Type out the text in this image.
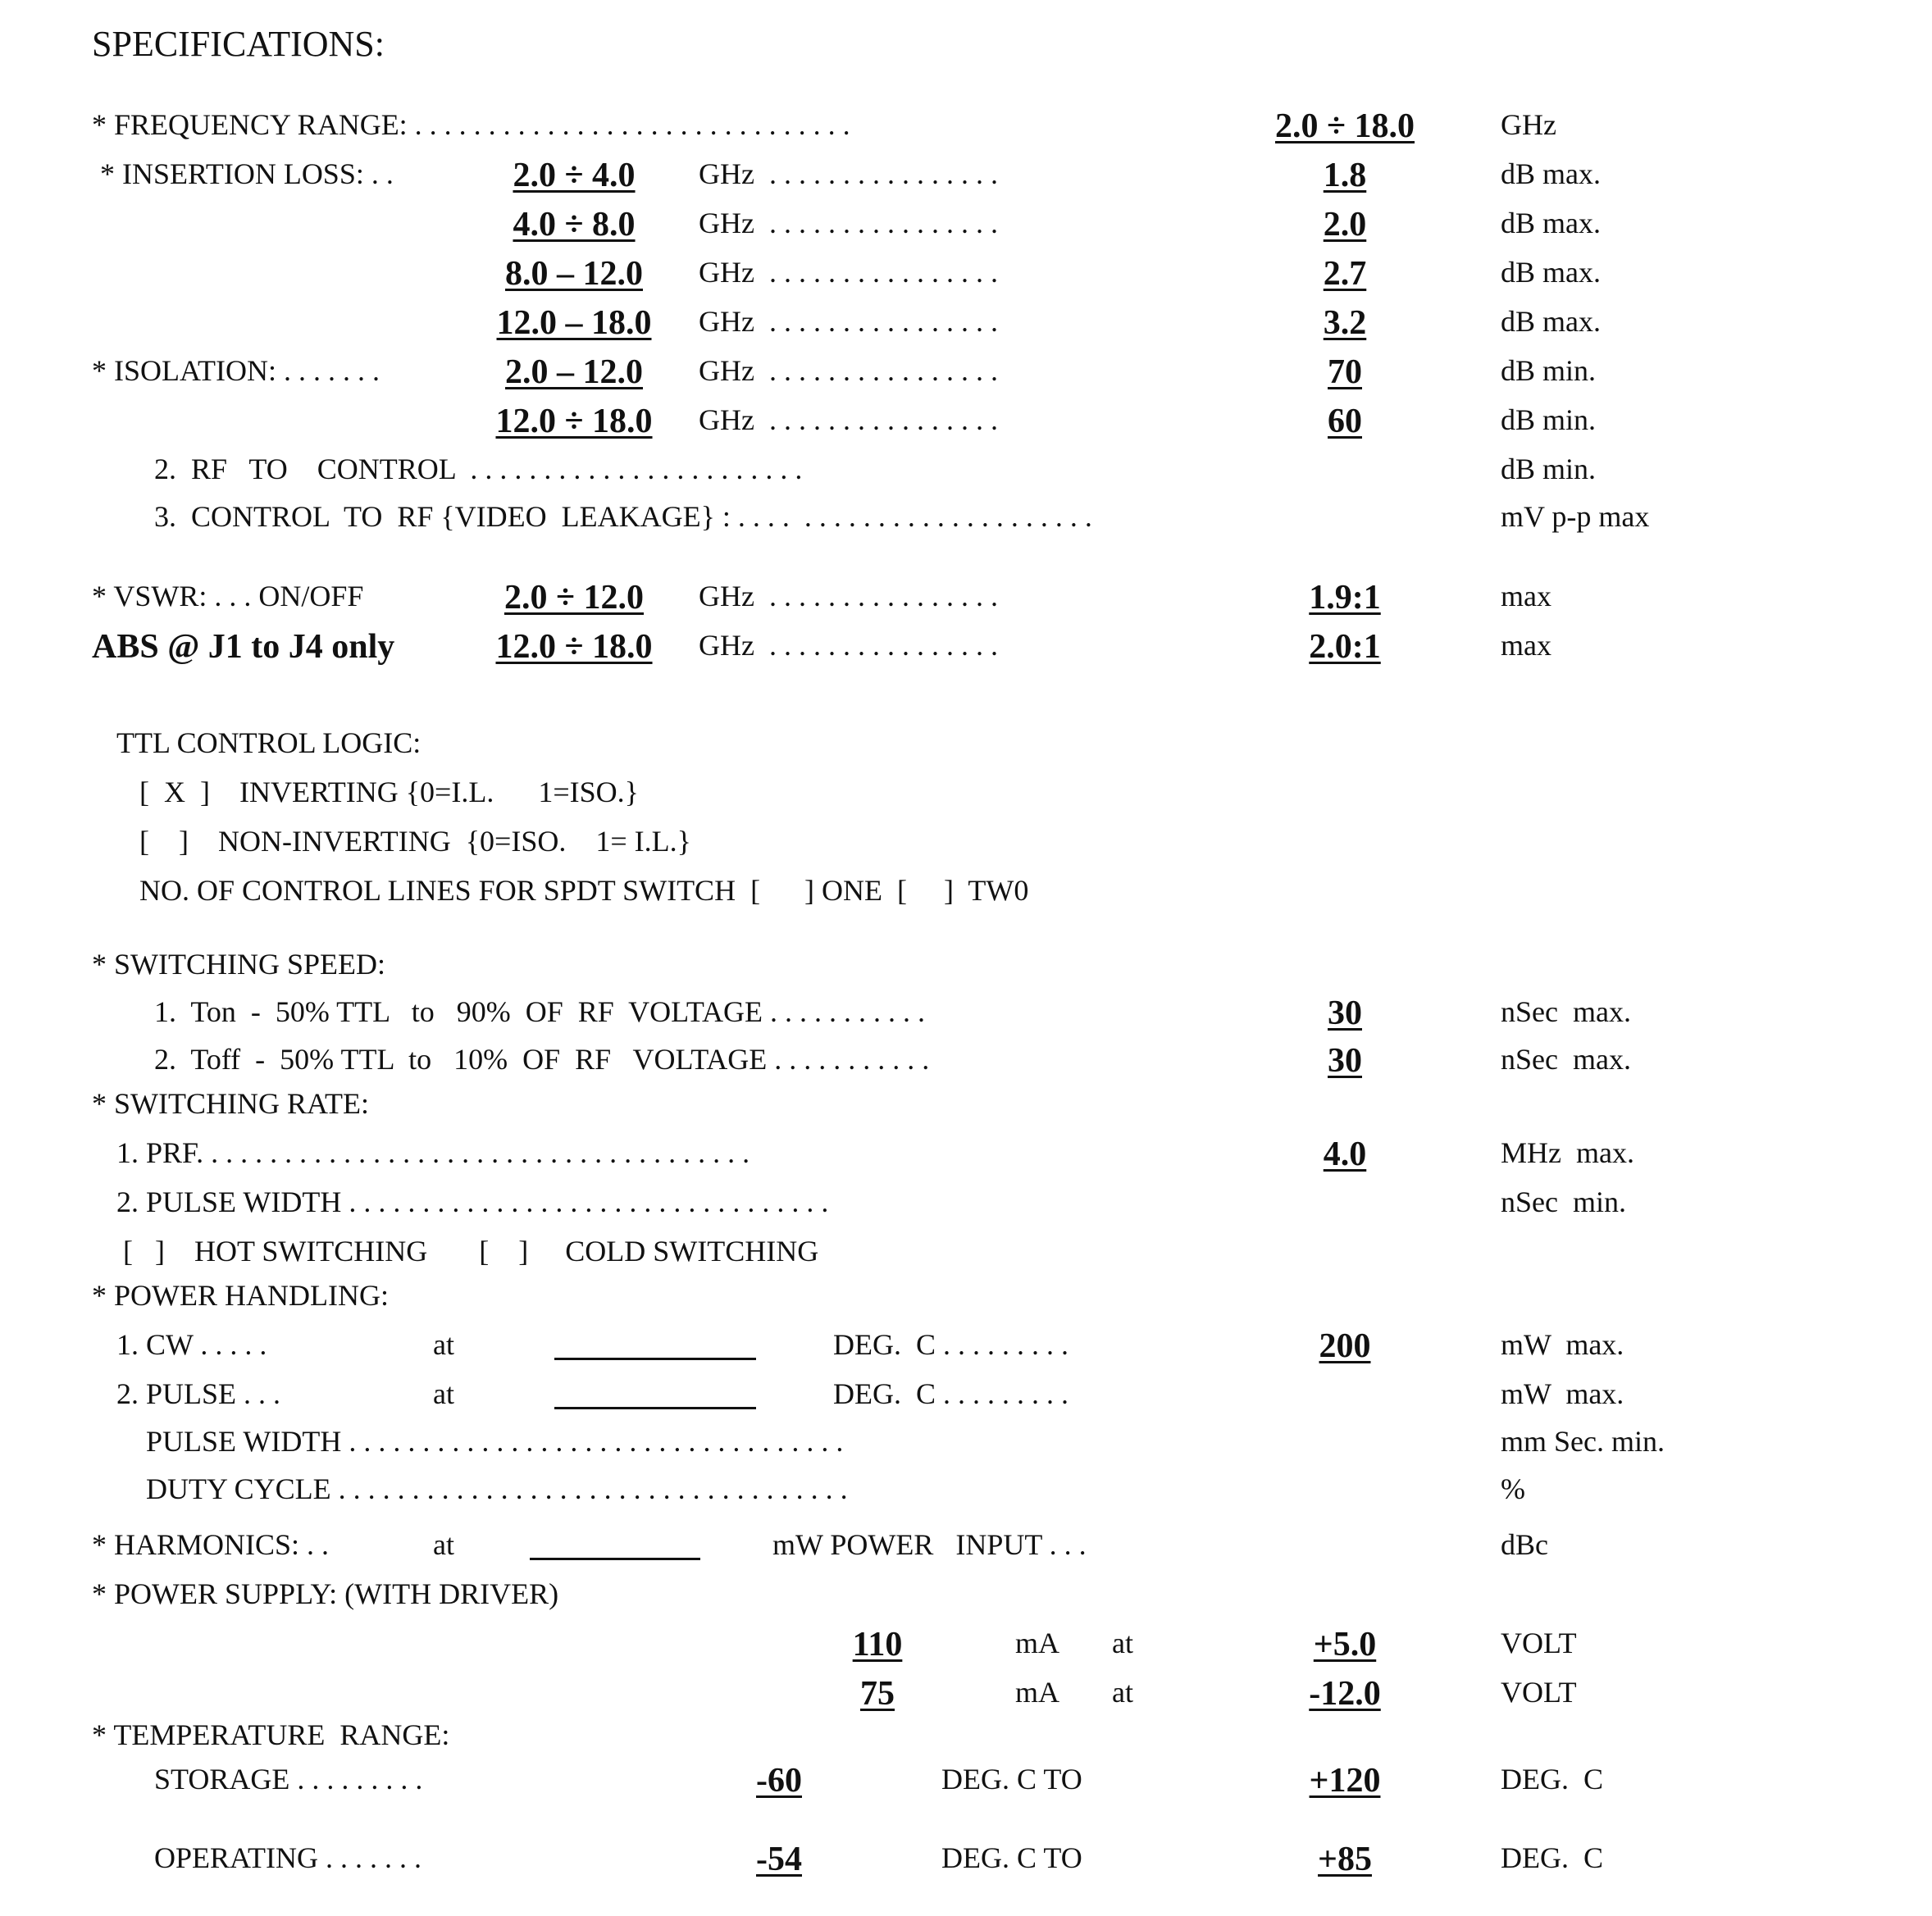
SPECIFICATIONS:
* FREQUENCY RANGE: . . . . . . . . . . . . . . . . . . . . . . . . . . . . . .	2.0 ÷ 18.0	GHz
* INSERTION LOSS: . .	2.0 ÷ 4.0	GHz  . . . . . . . . . . . . . . . .	1.8	dB max.
4.0 ÷ 8.0	GHz  . . . . . . . . . . . . . . . .	2.0	dB max.
8.0 – 12.0	GHz  . . . . . . . . . . . . . . . .	2.7	dB max.
12.0 – 18.0	GHz  . . . . . . . . . . . . . . . .	3.2	dB max.
* ISOLATION: . . . . . . .	2.0 – 12.0	GHz  . . . . . . . . . . . . . . . .	70	dB min.
12.0 ÷ 18.0	GHz  . . . . . . . . . . . . . . . .	60	dB min.
2.  RF   TO    CONTROL  . . . . . . . . . . . . . . . . . . . . . . .	dB min.
3.  CONTROL  TO  RF {VIDEO  LEAKAGE} : . . . .  . . . . . . . . . . . . . . . . . . . .	mV p-p max
* VSWR: . . . ON/OFF	2.0 ÷ 12.0	GHz  . . . . . . . . . . . . . . . .	1.9:1	max
ABS @ J1 to J4 only	12.0 ÷ 18.0	GHz  . . . . . . . . . . . . . . . .	2.0:1	max
TTL CONTROL LOGIC:
[  X  ]    INVERTING {0=I.L.      1=ISO.}
[    ]    NON-INVERTING  {0=ISO.    1= I.L.}
NO. OF CONTROL LINES FOR SPDT SWITCH  [      ] ONE  [     ]  TW0
* SWITCHING SPEED:
1.  Ton  -  50% TTL   to   90%  OF  RF  VOLTAGE . . . . . . . . . . .	30	nSec  max.
2.  Toff  -  50% TTL  to   10%  OF  RF   VOLTAGE . . . . . . . . . . .	30	nSec  max.
* SWITCHING RATE:
1. PRF. . . . . . . . . . . . . . . . . . . . . . . . . . . . . . . . . . . . . .	4.0	MHz  max.
2. PULSE WIDTH . . . . . . . . . . . . . . . . . . . . . . . . . . . . . . . . .	nSec  min.
[   ]    HOT SWITCHING       [    ]     COLD SWITCHING
* POWER HANDLING:
1. CW . . . . .	at	DEG.  C . . . . . . . . .	200	mW  max.
2. PULSE . . .	at	DEG.  C . . . . . . . . .	mW  max.
PULSE WIDTH . . . . . . . . . . . . . . . . . . . . . . . . . . . . . . . . . .	mm Sec. min.
DUTY CYCLE . . . . . . . . . . . . . . . . . . . . . . . . . . . . . . . . . . .	%
* HARMONICS: . .	at	mW POWER   INPUT . . .	dBc
* POWER SUPPLY: (WITH DRIVER)
110	mA at	+5.0	VOLT
75	mA at	-12.0	VOLT
* TEMPERATURE  RANGE:
STORAGE . . . . . . . . .	-60	DEG. C TO	+120	DEG.  C
OPERATING . . . . . . .	-54	DEG. C TO	+85	DEG.  C
